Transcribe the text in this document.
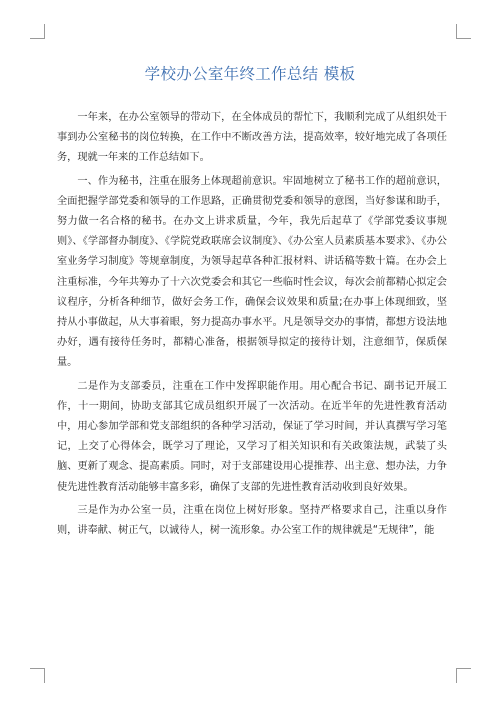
学校办公室年终工作总结 模板

一年来，在办公室领导的带动下，在全体成员的帮忙下，我顺利完成了从组织处干事到办公室秘书的岗位转换，在工作中不断改善方法，提高效率，较好地完成了各项任务，现就一年来的工作总结如下。

一、作为秘书，注重在服务上体现超前意识。牢固地树立了秘书工作的超前意识，全面把握学部党委和领导的工作思路，正确贯彻党委和领导的意图，当好参谋和助手，努力做一名合格的秘书。在办文上讲求质量，今年，我先后起草了《学部党委议事规则》、《学部督办制度》、《学院党政联席会议制度》、《办公室人员素质基本要求》、《办公室业务学习制度》等规章制度，为领导起草各种汇报材料、讲话稿等数十篇。在办会上注重标准，今年共筹办了十六次党委会和其它一些临时性会议，每次会前都精心拟定会议程序，分析各种细节，做好会务工作，确保会议效果和质量;在办事上体现细致，坚持从小事做起，从大事着眼，努力提高办事水平。凡是领导交办的事情，都想方设法地办好，遇有接待任务时，都精心准备，根据领导拟定的接待计划，注意细节，保质保量。

二是作为支部委员，注重在工作中发挥职能作用。用心配合书记、副书记开展工作，十一期间，协助支部其它成员组织开展了一次活动。在近半年的先进性教育活动中，用心参加学部和党支部组织的各种学习活动，保证了学习时间，并认真撰写学习笔记，上交了心得体会，既学习了理论，又学习了相关知识和有关政策法规，武装了头脑、更新了观念、提高素质。同时，对于支部建设用心提推荐、出主意、想办法，力争使先进性教育活动能够丰富多彩，确保了支部的先进性教育活动收到良好效果。

三是作为办公室一员，注重在岗位上树好形象。坚持严格要求自己，注重以身作则，讲奉献、树正气，以诚待人，树一流形象。办公室工作的规律就是“无规律”，能
